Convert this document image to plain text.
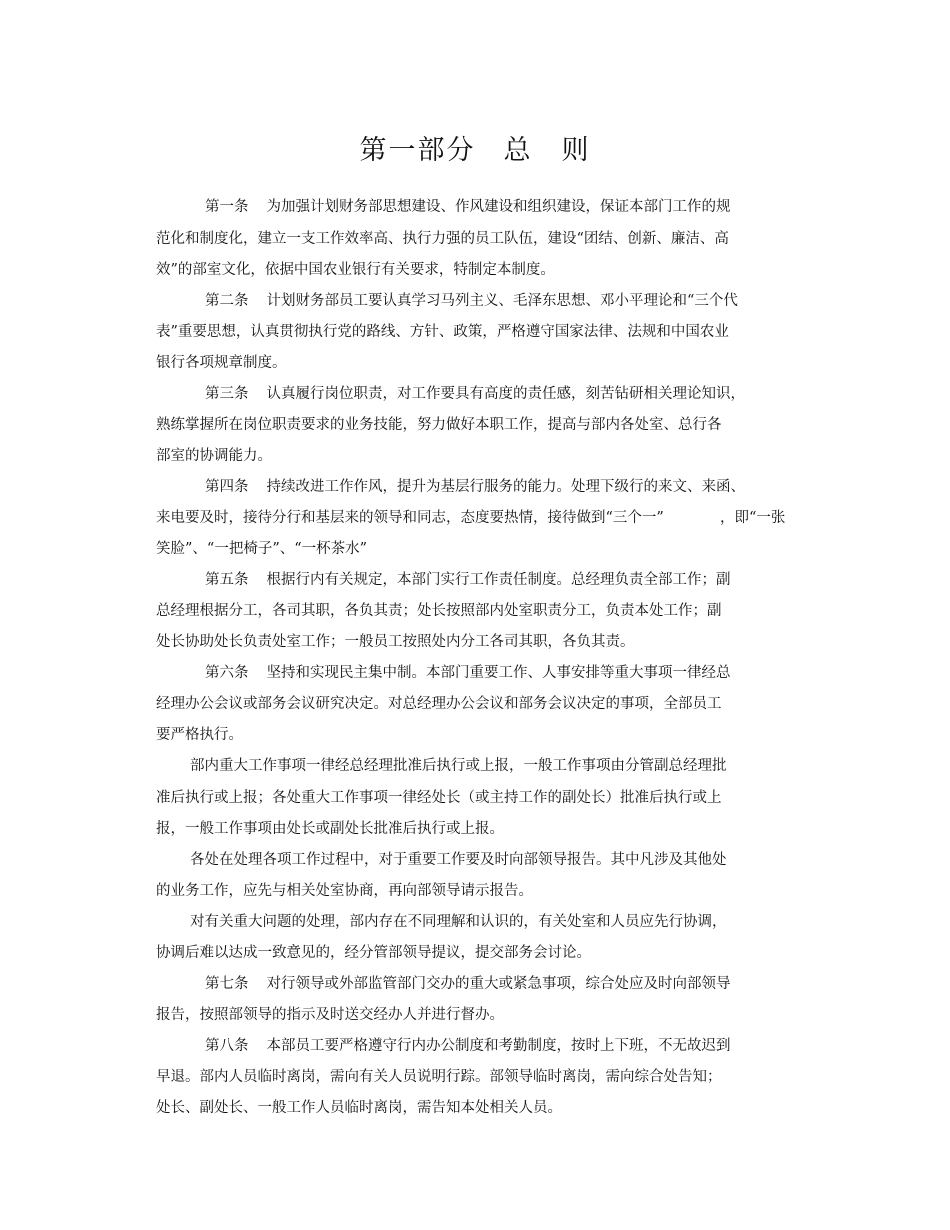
第一部分 总　则
第一条 为加强计划财务部思想建设、作风建设和组织建设，保证本部门工作的规
范化和制度化，建立一支工作效率高、执行力强的员工队伍，建设“团结、创新、廉洁、高
效”的部室文化，依据中国农业银行有关要求，特制定本制度。
第二条 计划财务部员工要认真学习马列主义、毛泽东思想、邓小平理论和“三个代
表”重要思想，认真贯彻执行党的路线、方针、政策，严格遵守国家法律、法规和中国农业
银行各项规章制度。
第三条 认真履行岗位职责，对工作要具有高度的责任感，刻苦钻研相关理论知识，
熟练掌握所在岗位职责要求的业务技能，努力做好本职工作，提高与部内各处室、总行各
部室的协调能力。
第四条 持续改进工作作风，提升为基层行服务的能力。处理下级行的来文、来函、
来电要及时，接待分行和基层来的领导和同志，态度要热情，接待做到“三个一”	，即“一张
笑脸”、“一把椅子”、“一杯茶水”
第五条 根据行内有关规定，本部门实行工作责任制度。总经理负责全部工作；副
总经理根据分工，各司其职，各负其责；处长按照部内处室职责分工，负责本处工作；副
处长协助处长负责处室工作；一般员工按照处内分工各司其职，各负其责。
第六条 坚持和实现民主集中制。本部门重要工作、人事安排等重大事项一律经总
经理办公会议或部务会议研究决定。对总经理办公会议和部务会议决定的事项，全部员工
要严格执行。
部内重大工作事项一律经总经理批准后执行或上报，一般工作事项由分管副总经理批
准后执行或上报；各处重大工作事项一律经处长（或主持工作的副处长）批准后执行或上
报，一般工作事项由处长或副处长批准后执行或上报。
各处在处理各项工作过程中，对于重要工作要及时向部领导报告。其中凡涉及其他处
的业务工作，应先与相关处室协商，再向部领导请示报告。
对有关重大问题的处理，部内存在不同理解和认识的，有关处室和人员应先行协调，
协调后难以达成一致意见的，经分管部领导提议，提交部务会讨论。
第七条 对行领导或外部监管部门交办的重大或紧急事项，综合处应及时向部领导
报告，按照部领导的指示及时送交经办人并进行督办。
第八条 本部员工要严格遵守行内办公制度和考勤制度，按时上下班，不无故迟到
早退。部内人员临时离岗，需向有关人员说明行踪。部领导临时离岗，需向综合处告知；
处长、副处长、一般工作人员临时离岗，需告知本处相关人员。
